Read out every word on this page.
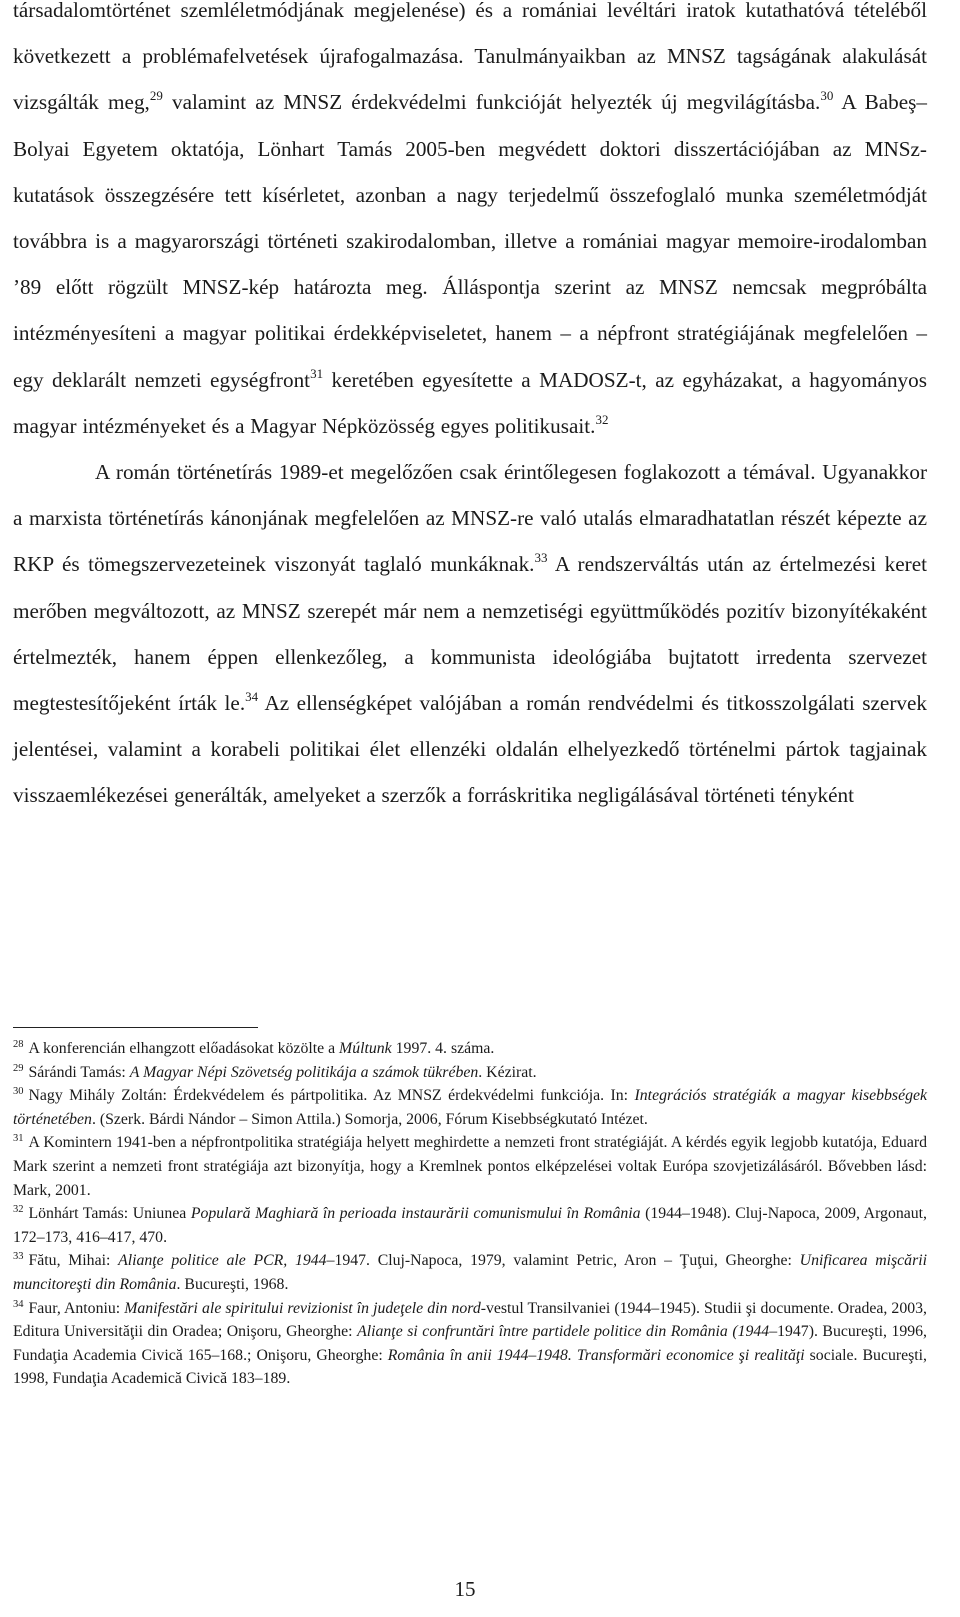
társadalomtörténet szemléletmódjának megjelenése) és a romániai levéltári iratok kutathatóvá tételéből következett a problémafelvetések újrafogalmazása. Tanulmányaikban az MNSZ tagságának alakulását vizsgálták meg,$^{29}$ valamint az MNSZ érdekvédelmi funkcióját helyezték új megvilágításba.$^{30}$ A Babeş–Bolyai Egyetem oktatója, Lönhart Tamás 2005-ben megvédett doktori disszertációjában az MNSz-kutatások összegzésére tett kísérletet, azonban a nagy terjedelmű összefoglaló munka személetmódját továbbra is a magyarországi történeti szakirodalomban, illetve a romániai magyar memoire-irodalomban ’89 előtt rögzült MNSZ-kép határozta meg. Álláspontja szerint az MNSZ nemcsak megpróbálta intézményesíteni a magyar politikai érdekképviseletet, hanem – a népfront stratégiájának megfelelően – egy deklarált nemzeti egységfront$^{31}$ keretében egyesítette a MADOSZ-t, az egyházakat, a hagyományos magyar intézményeket és a Magyar Népközösség egyes politikusait.$^{32}$

A román történetírás 1989-et megelőzően csak érintőlegesen foglakozott a témával. Ugyanakkor a marxista történetírás kánonjának megfelelően az MNSZ-re való utalás elmaradhatatlan részét képezte az RKP és tömegszervezeteinek viszonyát taglaló munkáknak.$^{33}$ A rendszerváltás után az értelmezési keret merőben megváltozott, az MNSZ szerepét már nem a nemzetiségi együttműködés pozitív bizonyítékaként értelmezték, hanem éppen ellenkezőleg, a kommunista ideológiába bujtatott irredenta szervezet megtestesítőjeként írták le.$^{34}$ Az ellenségképet valójában a román rendvédelmi és titkosszolgálati szervek jelentései, valamint a korabeli politikai élet ellenzéki oldalán elhelyezkedő történelmi pártok tagjainak visszaemlékezései generálták, amelyeket a szerzők a forráskritika negligálásával történeti tényként

$^{28}$ A konferencián elhangzott előadásokat közölte a Múltunk 1997. 4. száma.

$^{29}$ Sárándi Tamás: A Magyar Népi Szövetség politikája a számok tükrében. Kézirat.

$^{30}$ Nagy Mihály Zoltán: Érdekvédelem és pártpolitika. Az MNSZ érdekvédelmi funkciója. In: Integrációs stratégiák a magyar kisebbségek történetében. (Szerk. Bárdi Nándor – Simon Attila.) Somorja, 2006, Fórum Kisebbségkutató Intézet.

$^{31}$ A Komintern 1941-ben a népfrontpolitika stratégiája helyett meghirdette a nemzeti front stratégiáját. A kérdés egyik legjobb kutatója, Eduard Mark szerint a nemzeti front stratégiája azt bizonyítja, hogy a Kremlnek pontos elképzelései voltak Európa szovjetizálásáról. Bővebben lásd: Mark, 2001.

$^{32}$ Lönhárt Tamás: Uniunea Populară Maghiară în perioada instaurării comunismului în România (1944–1948). Cluj-Napoca, 2009, Argonaut, 172–173, 416–417, 470.

$^{33}$ Fătu, Mihai: Alianţe politice ale PCR, 1944–1947. Cluj-Napoca, 1979, valamint Petric, Aron – Ţuţui, Gheorghe: Unificarea mişcării muncitoreşti din România. Bucureşti, 1968.

$^{34}$ Faur, Antoniu: Manifestări ale spiritului revizionist în judeţele din nord-vestul Transilvaniei (1944–1945). Studii şi documente. Oradea, 2003, Editura Universităţii din Oradea; Onişoru, Gheorghe: Alianţe si confruntări între partidele politice din România (1944–1947). Bucureşti, 1996, Fundaţia Academia Civică 165–168.; Onişoru, Gheorghe: România în anii 1944–1948. Transformări economice şi realităţi sociale. Bucureşti, 1998, Fundaţia Academică Civică 183–189.

15
